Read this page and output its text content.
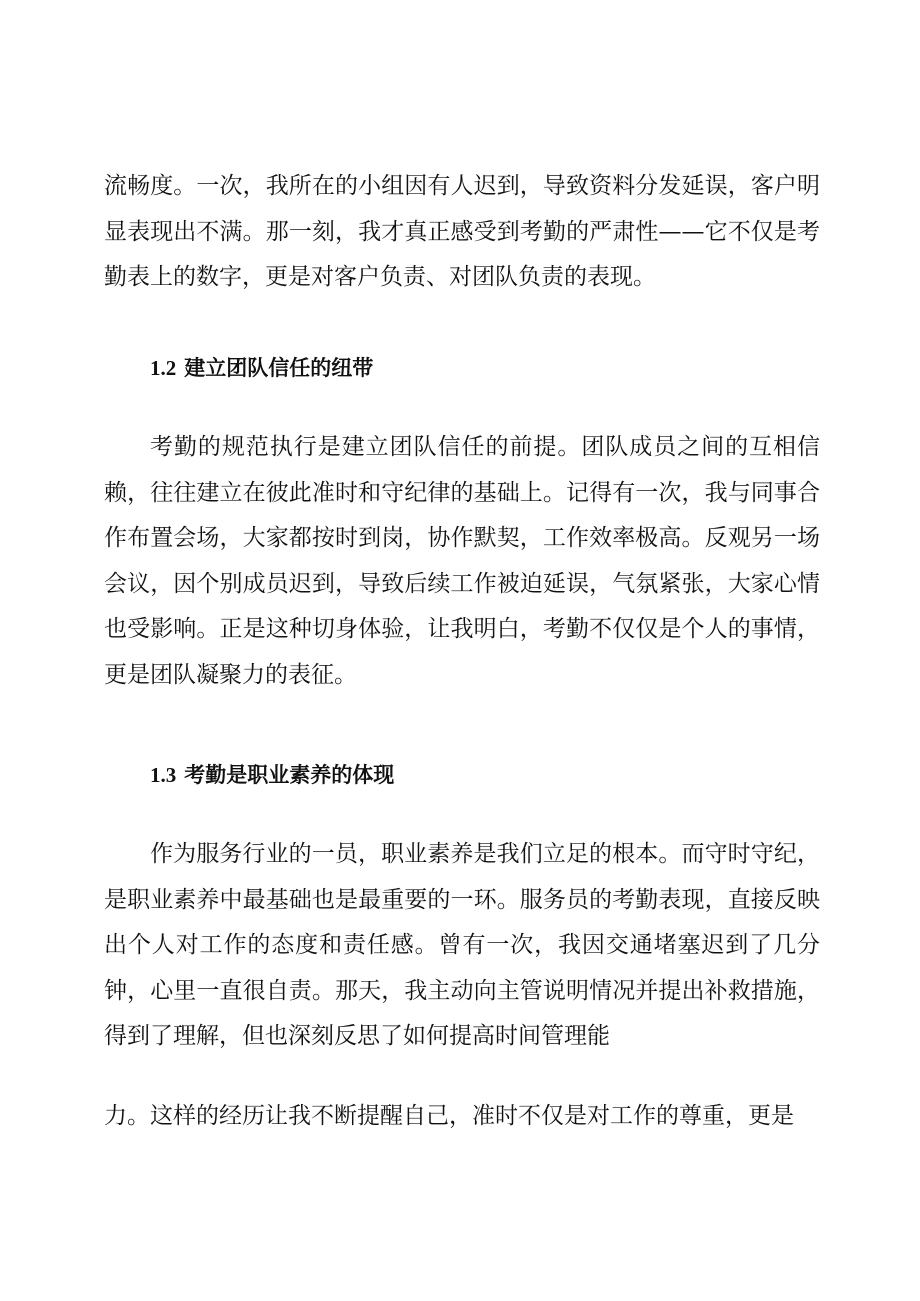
流畅度。一次，我所在的小组因有人迟到，导致资料分发延误，客户明显表现出不满。那一刻，我才真正感受到考勤的严肃性——它不仅是考勤表上的数字，更是对客户负责、对团队负责的表现。

1.2 建立团队信任的纽带

考勤的规范执行是建立团队信任的前提。团队成员之间的互相信赖，往往建立在彼此准时和守纪律的基础上。记得有一次，我与同事合作布置会场，大家都按时到岗，协作默契，工作效率极高。反观另一场会议，因个别成员迟到，导致后续工作被迫延误，气氛紧张，大家心情也受影响。正是这种切身体验，让我明白，考勤不仅仅是个人的事情，更是团队凝聚力的表征。

1.3 考勤是职业素养的体现

作为服务行业的一员，职业素养是我们立足的根本。而守时守纪，是职业素养中最基础也是最重要的一环。服务员的考勤表现，直接反映出个人对工作的态度和责任感。曾有一次，我因交通堵塞迟到了几分钟，心里一直很自责。那天，我主动向主管说明情况并提出补救措施，得到了理解，但也深刻反思了如何提高时间管理能

力。这样的经历让我不断提醒自己，准时不仅是对工作的尊重，更是
